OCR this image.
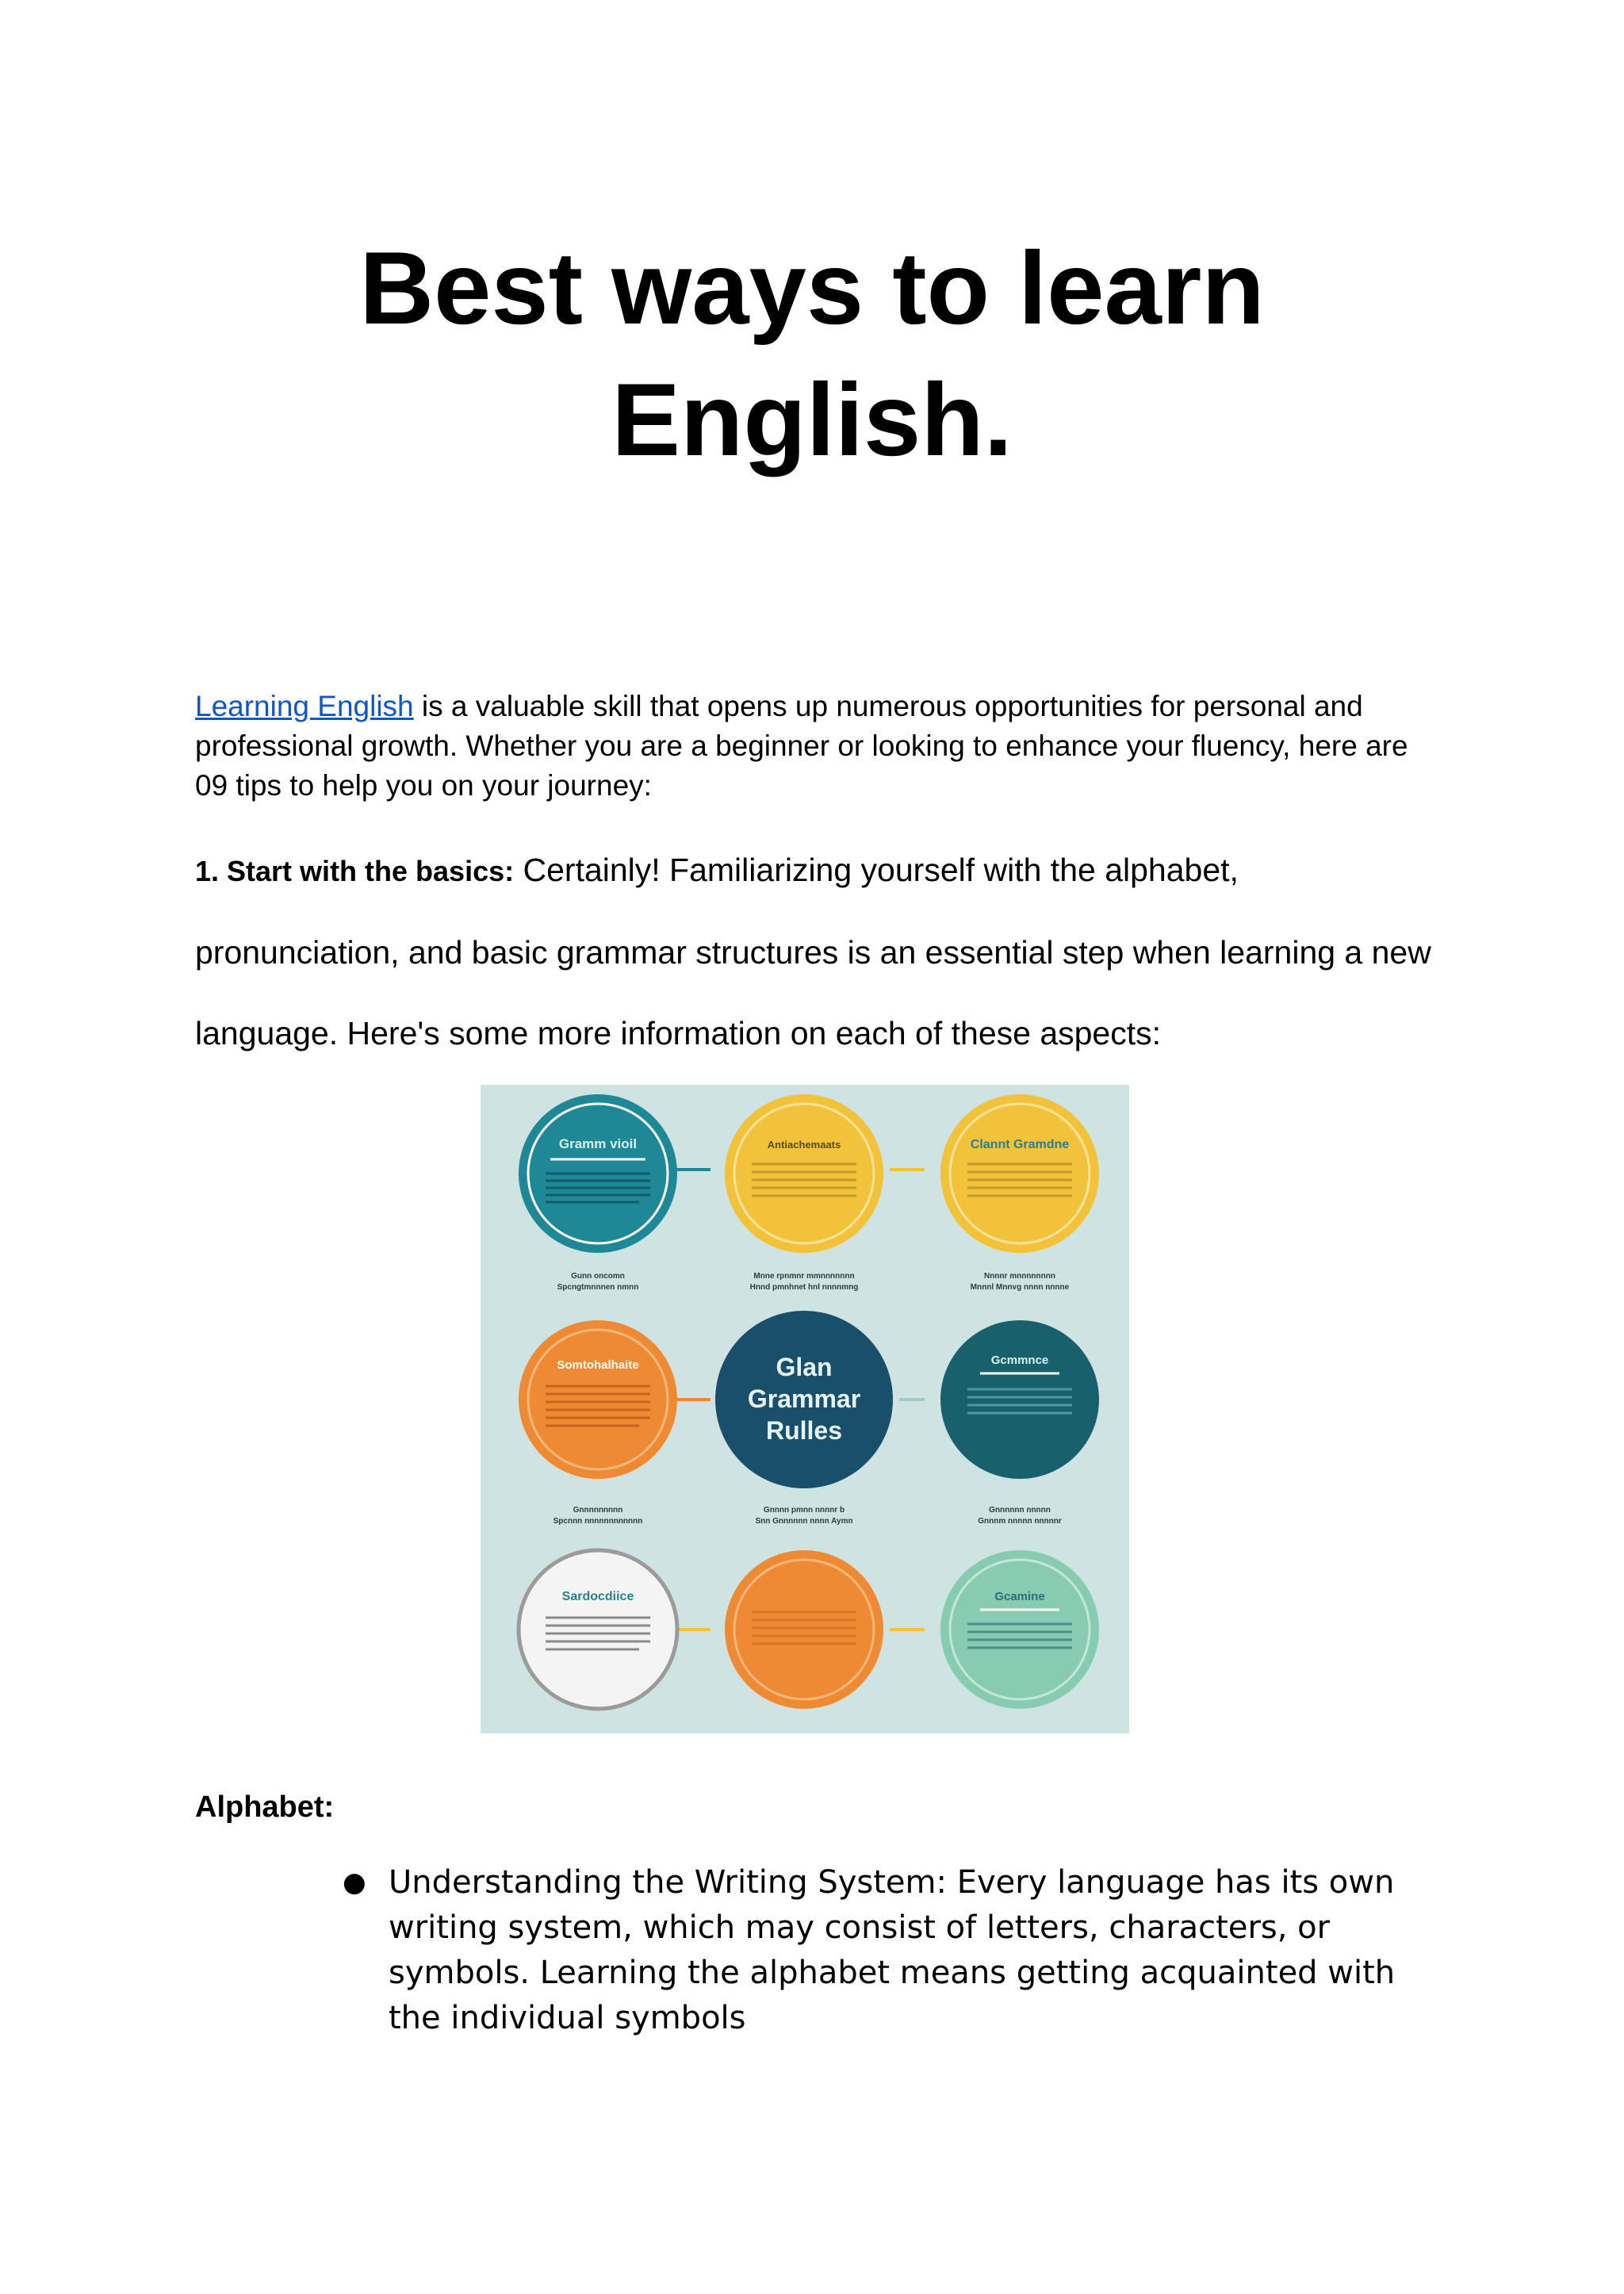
Best ways to learn
English.

Learning English is a valuable skill that opens up numerous opportunities for personal and professional growth. Whether you are a beginner or looking to enhance your fluency, here are 09 tips to help you on your journey:

1. Start with the basics: Certainly! Familiarizing yourself with the alphabet, pronunciation, and basic grammar structures is an essential step when learning a new language. Here's some more information on each of these aspects:

Gramm vioil	Antiachemaats	Clannt Gramdne
Gunn oncomn
Spcngtmnnnen nmnn
Mnne rpnmnr mmnnnnnnn
Hnnd pmnhnet hnl nnnnmng
Nnnnr mnnnnnnnn
Mnnnl Mnnvg nnnn nnnne
Somtohalhaite	Glan
Grammar
Rulles
Gcmmnce
Gnnnnnnnnn
Spcnnn nnnnnnnnnnnn
Gnnnn pmnn nnnnr b
Snn Gnnnnnn nnnn Aymn
Gnnnnnn nnnnn
Gnnnm nnnnn nnnnnr
Sardocdiice	Gcamine
Alphabet:
● Understanding the Writing System: Every language has its own writing system, which may consist of letters, characters, or symbols. Learning the alphabet means getting acquainted with the individual symbols
